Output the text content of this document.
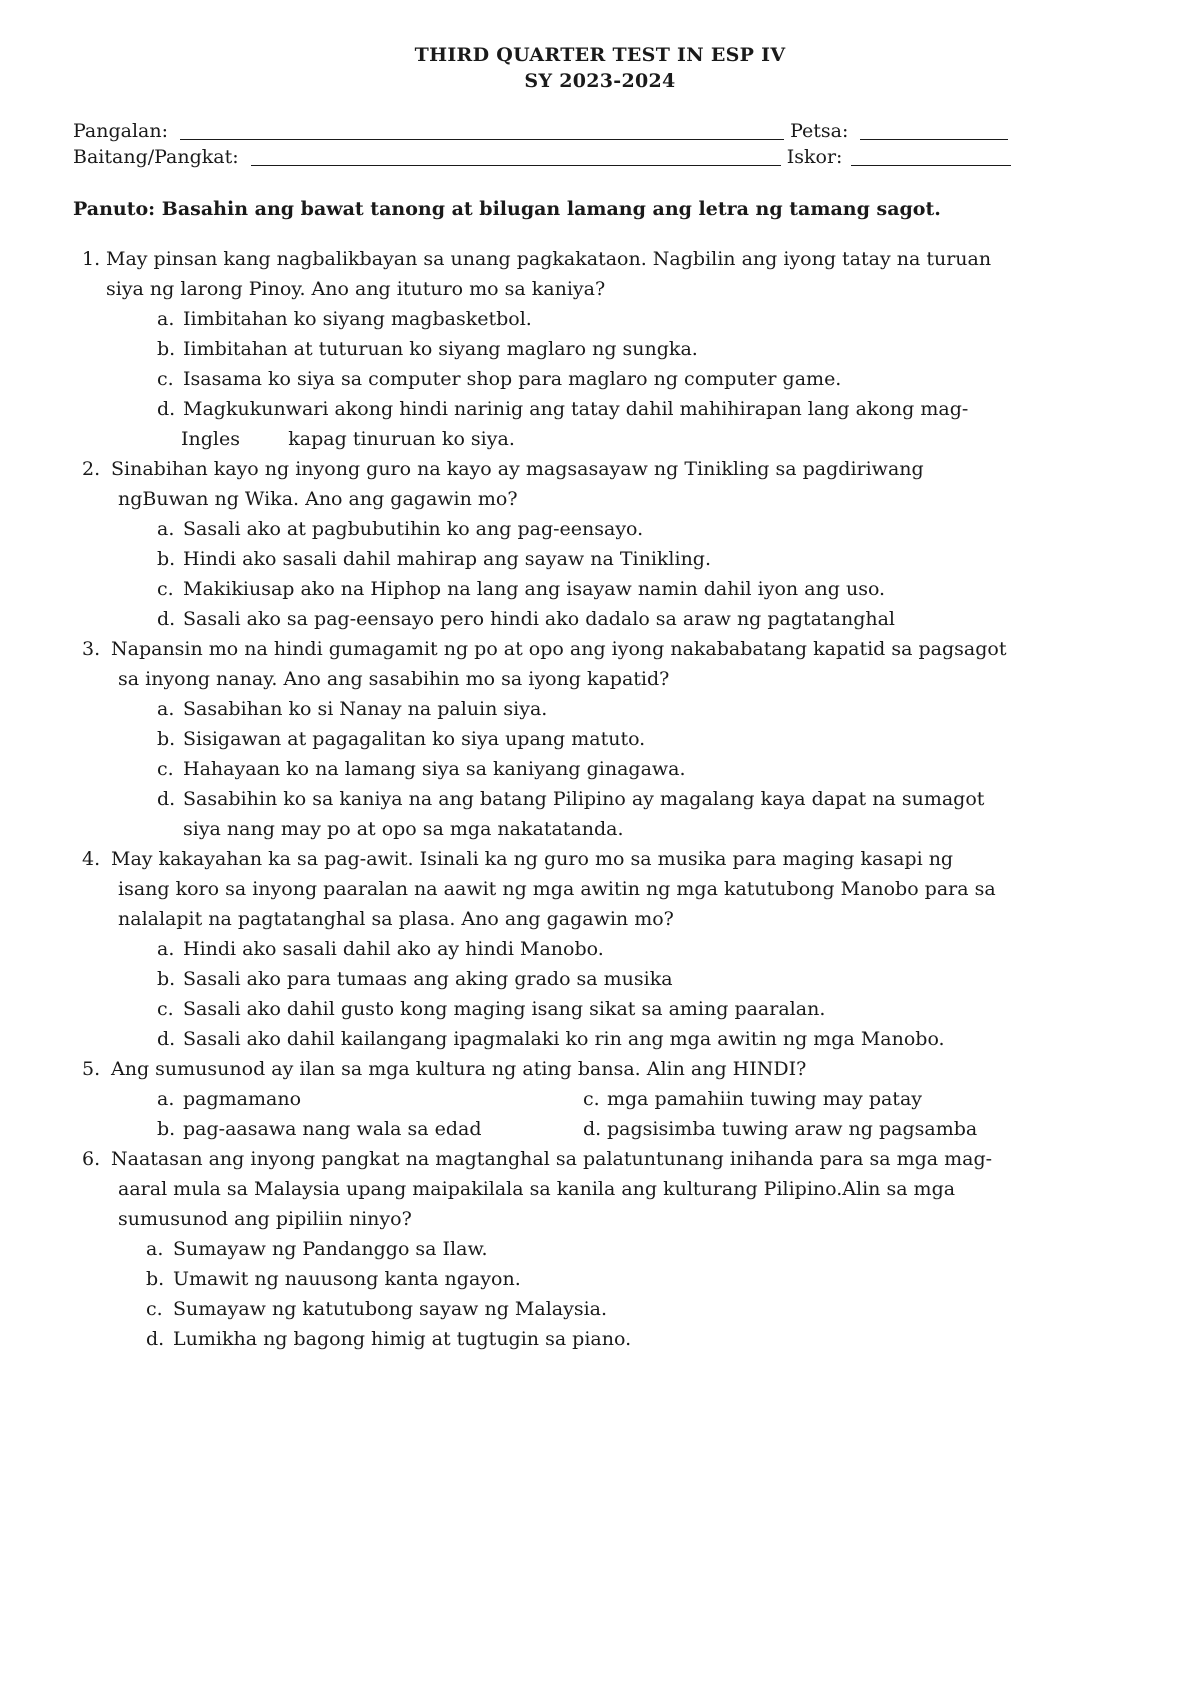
THIRD QUARTER TEST IN ESP IV
SY 2023-2024
Pangalan:	Petsa:
Baitang/Pangkat:	Iskor:
Panuto: Basahin ang bawat tanong at bilugan lamang ang letra ng tamang sagot.
1. May pinsan kang nagbalikbayan sa unang pagkakataon. Nagbilin ang iyong tatay na turuan
siya ng larong Pinoy. Ano ang ituturo mo sa kaniya?
a. Iimbitahan ko siyang magbasketbol.
b. Iimbitahan at tuturuan ko siyang maglaro ng sungka.
c. Isasama ko siya sa computer shop para maglaro ng computer game.
d. Magkukunwari akong hindi narinig ang tatay dahil mahihirapan lang akong mag-
Ingles        kapag tinuruan ko siya.
2. Sinabihan kayo ng inyong guro na kayo ay magsasayaw ng Tinikling sa pagdiriwang
ngBuwan ng Wika. Ano ang gagawin mo?
a. Sasali ako at pagbubutihin ko ang pag-eensayo.
b. Hindi ako sasali dahil mahirap ang sayaw na Tinikling.
c. Makikiusap ako na Hiphop na lang ang isayaw namin dahil iyon ang uso.
d. Sasali ako sa pag-eensayo pero hindi ako dadalo sa araw ng pagtatanghal
3. Napansin mo na hindi gumagamit ng po at opo ang iyong nakababatang kapatid sa pagsagot
sa inyong nanay. Ano ang sasabihin mo sa iyong kapatid?
a. Sasabihan ko si Nanay na paluin siya.
b. Sisigawan at pagagalitan ko siya upang matuto.
c. Hahayaan ko na lamang siya sa kaniyang ginagawa.
d. Sasabihin ko sa kaniya na ang batang Pilipino ay magalang kaya dapat na sumagot
siya nang may po at opo sa mga nakatatanda.
4. May kakayahan ka sa pag-awit. Isinali ka ng guro mo sa musika para maging kasapi ng
isang koro sa inyong paaralan na aawit ng mga awitin ng mga katutubong Manobo para sa
nalalapit na pagtatanghal sa plasa. Ano ang gagawin mo?
a. Hindi ako sasali dahil ako ay hindi Manobo.
b. Sasali ako para tumaas ang aking grado sa musika
c. Sasali ako dahil gusto kong maging isang sikat sa aming paaralan.
d. Sasali ako dahil kailangang ipagmalaki ko rin ang mga awitin ng mga Manobo.
5. Ang sumusunod ay ilan sa mga kultura ng ating bansa. Alin ang HINDI?
a. pagmamano	c. mga pamahiin tuwing may patay
b. pag-aasawa nang wala sa edad	d. pagsisimba tuwing araw ng pagsamba
6. Naatasan ang inyong pangkat na magtanghal sa palatuntunang inihanda para sa mga mag-
aaral mula sa Malaysia upang maipakilala sa kanila ang kulturang Pilipino.Alin sa mga
sumusunod ang pipiliin ninyo?
a. Sumayaw ng Pandanggo sa Ilaw.
b. Umawit ng nauusong kanta ngayon.
c. Sumayaw ng katutubong sayaw ng Malaysia.
d. Lumikha ng bagong himig at tugtugin sa piano.
